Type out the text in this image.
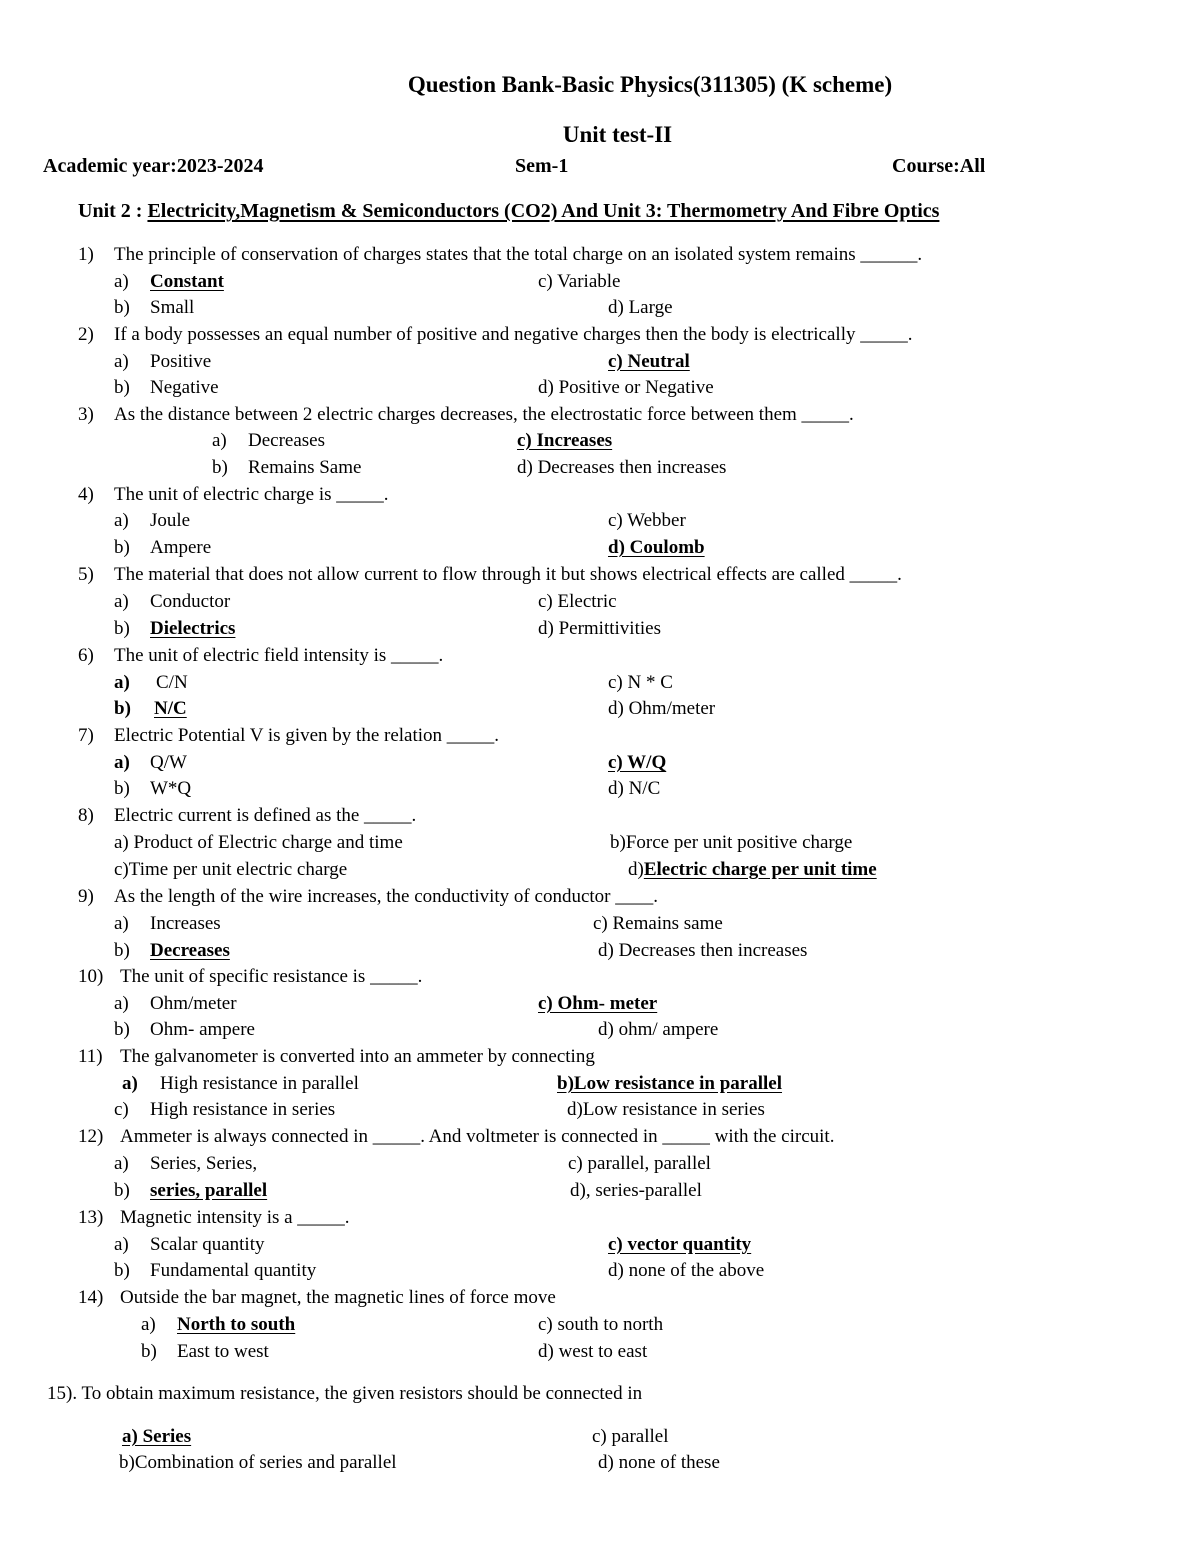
Question Bank-Basic Physics(311305) (K scheme)
Unit test-II
Academic year:2023-2024	Sem-1	Course:All
Unit 2 : Electricity,Magnetism & Semiconductors (CO2) And Unit 3: Thermometry And Fibre Optics
1) The principle of conservation of charges states that the total charge on an isolated system remains ______.
a) Constant
b) Small
c) Variable
d) Large
2) If a body possesses an equal number of positive and negative charges then the body is electrically _____.
a) Positive
b) Negative
c) Neutral
d) Positive or Negative
3) As the distance between 2 electric charges decreases, the electrostatic force between them _____.
a) Decreases
b) Remains Same
c) Increases
d) Decreases then increases
4) The unit of electric charge is _____.
a) Joule
b) Ampere
c) Webber
d) Coulomb
5) The material that does not allow current to flow through it but shows electrical effects are called _____.
a) Conductor
b) Dielectrics
c) Electric
d) Permittivities
6) The unit of electric field intensity is _____.
a) C/N
b) N/C
c) N * C
d) Ohm/meter
7) Electric Potential V is given by the relation _____.
a) Q/W
b) W*Q
c) W/Q
d) N/C
8) Electric current is defined as the _____.
a) Product of Electric charge and time
c)Time per unit electric charge
b)Force per unit positive charge
d)Electric charge per unit time
9) As the length of the wire increases, the conductivity of conductor ____.
a) Increases
b) Decreases
c) Remains same
d) Decreases then increases
10) The unit of specific resistance is _____.
a) Ohm/meter
b) Ohm- ampere
c) Ohm- meter
d) ohm/ ampere
11) The galvanometer is converted into an ammeter by connecting
a) High resistance in parallel
c) High resistance in series
b)Low resistance in parallel
d)Low resistance in series
12) Ammeter is always connected in _____. And voltmeter is connected in _____ with the circuit.
a) Series, Series,
b) series, parallel
c) parallel, parallel
d), series-parallel
13) Magnetic intensity is a _____.
a) Scalar quantity
b) Fundamental quantity
c) vector quantity
d) none of the above
14) Outside the bar magnet, the magnetic lines of force move
a) North to south
b) East to west
c) south to north
d) west to east
15). To obtain maximum resistance, the given resistors should be connected in
a) Series
b)Combination of series and parallel
c) parallel
d) none of these
